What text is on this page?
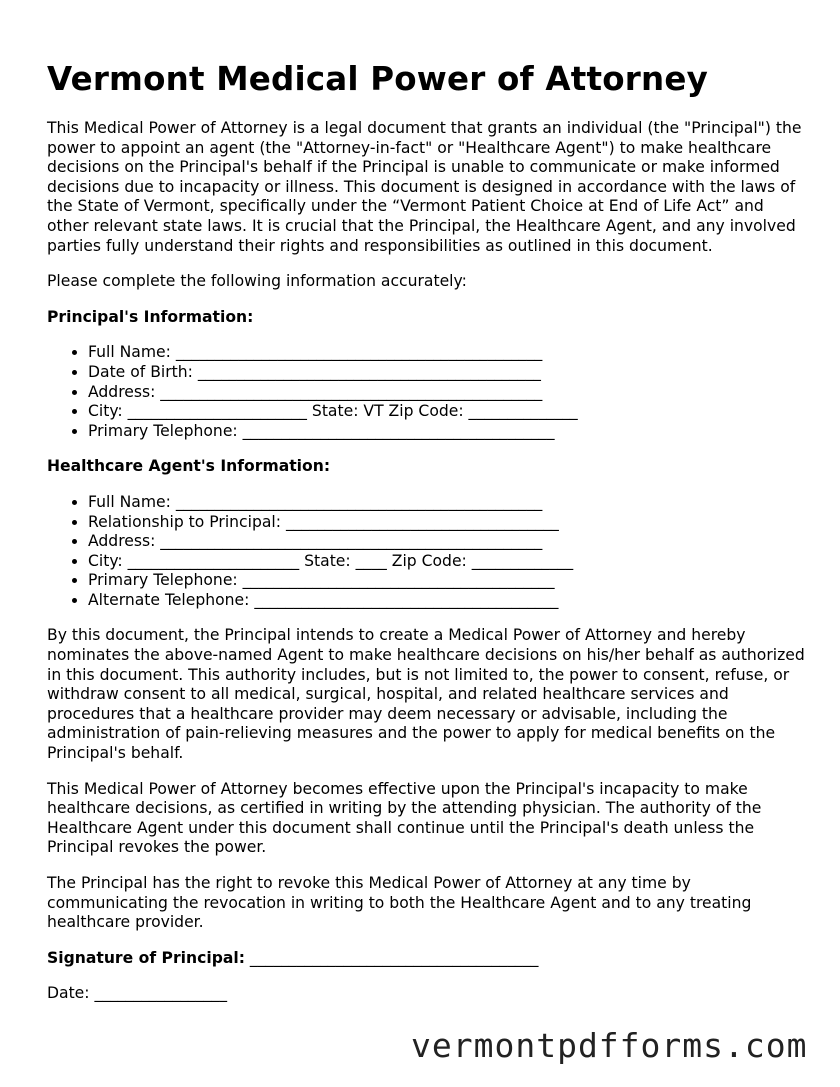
Vermont Medical Power of Attorney

This Medical Power of Attorney is a legal document that grants an individual (the "Principal") the power to appoint an agent (the "Attorney-in-fact" or "Healthcare Agent") to make healthcare decisions on the Principal's behalf if the Principal is unable to communicate or make informed decisions due to incapacity or illness. This document is designed in accordance with the laws of the State of Vermont, specifically under the “Vermont Patient Choice at End of Life Act” and other relevant state laws. It is crucial that the Principal, the Healthcare Agent, and any involved parties fully understand their rights and responsibilities as outlined in this document.

Please complete the following information accurately:

Principal's Information:
• Full Name: _______________________________________________
• Date of Birth: ____________________________________________
• Address: _________________________________________________
• City: _______________________ State: VT Zip Code: ______________
• Primary Telephone: ________________________________________
Healthcare Agent's Information:
• Full Name: _______________________________________________
• Relationship to Principal: ___________________________________
• Address: _________________________________________________
• City: ______________________ State: ____ Zip Code: _____________
• Primary Telephone: ________________________________________
• Alternate Telephone: _______________________________________

By this document, the Principal intends to create a Medical Power of Attorney and hereby nominates the above-named Agent to make healthcare decisions on his/her behalf as authorized in this document. This authority includes, but is not limited to, the power to consent, refuse, or withdraw consent to all medical, surgical, hospital, and related healthcare services and procedures that a healthcare provider may deem necessary or advisable, including the administration of pain-relieving measures and the power to apply for medical benefits on the Principal's behalf.

This Medical Power of Attorney becomes effective upon the Principal's incapacity to make healthcare decisions, as certified in writing by the attending physician. The authority of the Healthcare Agent under this document shall continue until the Principal's death unless the Principal revokes the power.

The Principal has the right to revoke this Medical Power of Attorney at any time by communicating the revocation in writing to both the Healthcare Agent and to any treating healthcare provider.

Signature of Principal: _____________________________________
Date: _________________
vermontpdfforms.com
